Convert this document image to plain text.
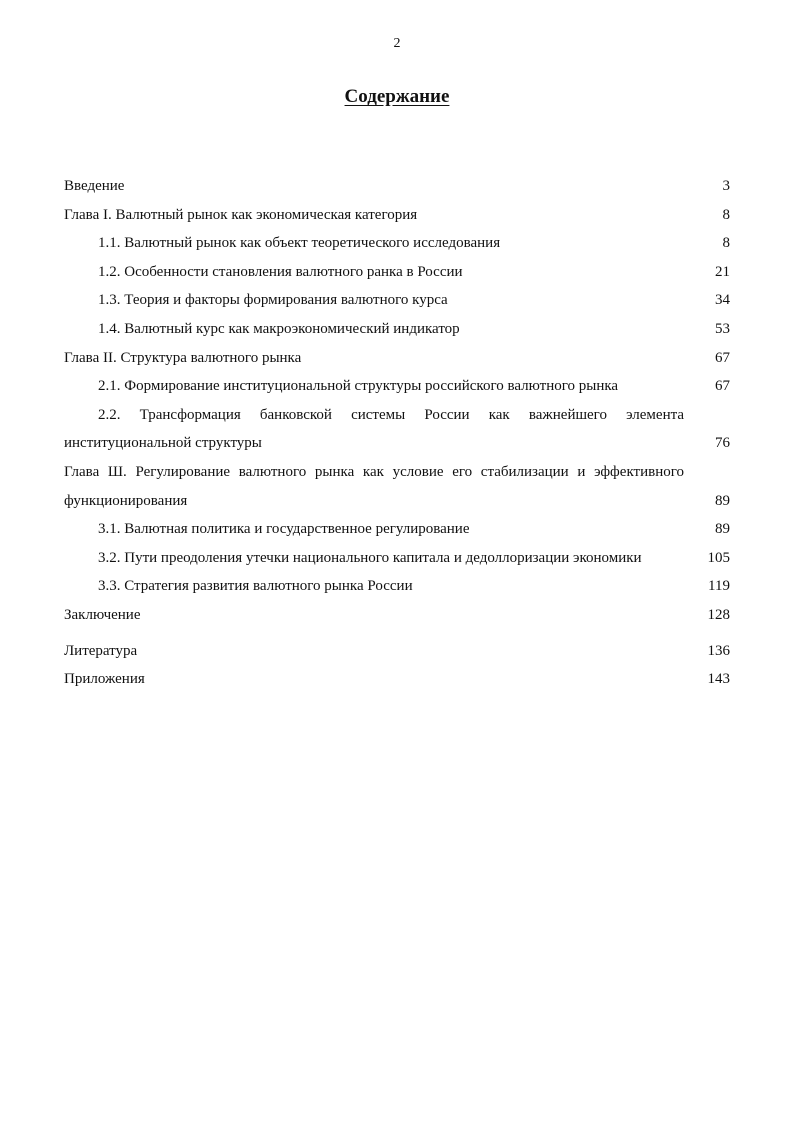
2
Содержание
Введение	3
Глава I. Валютный рынок как экономическая категория	8
1.1. Валютный рынок как объект теоретического исследования	8
1.2. Особенности становления валютного ранка в России	21
1.3. Теория и факторы формирования валютного курса	34
1.4. Валютный курс как макроэкономический индикатор	53
Глава II. Структура валютного рынка	67
2.1. Формирование институциональной структуры российского валютного рынка	67
2.2. Трансформация банковской системы России как важнейшего элемента институциональной структуры	76
Глава Ш. Регулирование валютного рынка как условие его стабилизации и эффективного функционирования	89
3.1. Валютная политика и государственное регулирование	89
3.2. Пути преодоления утечки национального капитала и дедоллоризации экономики	105
3.3. Стратегия развития валютного рынка России	119
Заключение	128
Литература	136
Приложения	143
